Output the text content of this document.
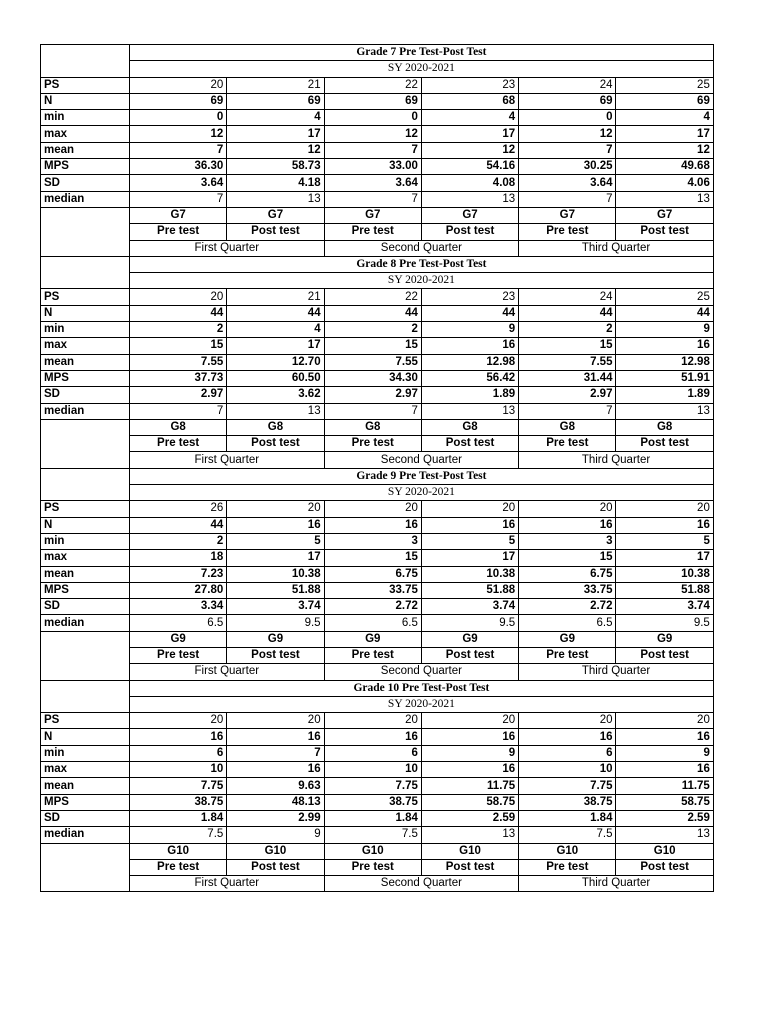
	Grade 7 Pre Test-Post Test					
	SY 2020-2021					
PS	20	21	22	23	24	25
N	69	69	69	68	69	69
min	0	4	0	4	0	4
max	12	17	12	17	12	17
mean	7	12	7	12	7	12
MPS	36.30	58.73	33.00	54.16	30.25	49.68
SD	3.64	4.18	3.64	4.08	3.64	4.06
median	7	13	7	13	7	13
	G7	G7	G7	G7	G7	G7
	Pre test	Post test	Pre test	Post test	Pre test	Post test
	First Quarter		Second Quarter		Third Quarter	
	Grade 8 Pre Test-Post Test					
	SY 2020-2021					
PS	20	21	22	23	24	25
N	44	44	44	44	44	44
min	2	4	2	9	2	9
max	15	17	15	16	15	16
mean	7.55	12.70	7.55	12.98	7.55	12.98
MPS	37.73	60.50	34.30	56.42	31.44	51.91
SD	2.97	3.62	2.97	1.89	2.97	1.89
median	7	13	7	13	7	13
	G8	G8	G8	G8	G8	G8
	Pre test	Post test	Pre test	Post test	Pre test	Post test
	First Quarter		Second Quarter		Third Quarter	
	Grade 9 Pre Test-Post Test					
	SY 2020-2021					
PS	26	20	20	20	20	20
N	44	16	16	16	16	16
min	2	5	3	5	3	5
max	18	17	15	17	15	17
mean	7.23	10.38	6.75	10.38	6.75	10.38
MPS	27.80	51.88	33.75	51.88	33.75	51.88
SD	3.34	3.74	2.72	3.74	2.72	3.74
median	6.5	9.5	6.5	9.5	6.5	9.5
	G9	G9	G9	G9	G9	G9
	Pre test	Post test	Pre test	Post test	Pre test	Post test
	First Quarter		Second Quarter		Third Quarter	
	Grade 10 Pre Test-Post Test					
	SY 2020-2021					
PS	20	20	20	20	20	20
N	16	16	16	16	16	16
min	6	7	6	9	6	9
max	10	16	10	16	10	16
mean	7.75	9.63	7.75	11.75	7.75	11.75
MPS	38.75	48.13	38.75	58.75	38.75	58.75
SD	1.84	2.99	1.84	2.59	1.84	2.59
median	7.5	9	7.5	13	7.5	13
	G10	G10	G10	G10	G10	G10
	Pre test	Post test	Pre test	Post test	Pre test	Post test
	First Quarter		Second Quarter		Third Quarter	
